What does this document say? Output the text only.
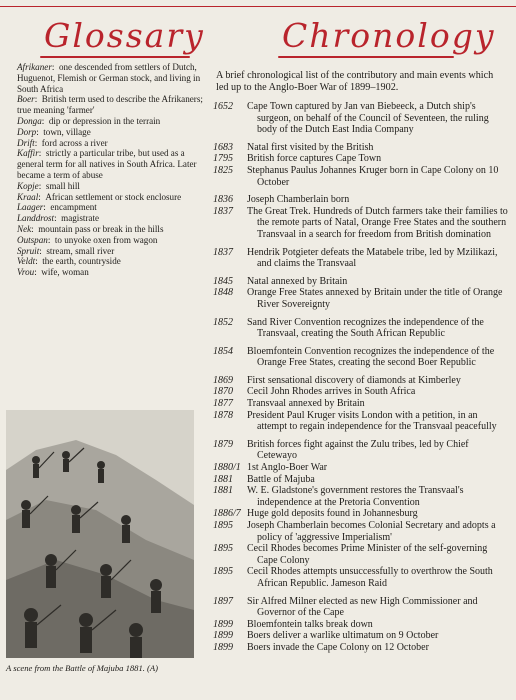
Glossary Chronology
Afrikaner:  one descended from settlers of Dutch, Huguenot, Flemish or German stock, and living in South Africa
Boer:  British term used to describe the Afrikaners; true meaning 'farmer'
Donga:  dip or depression in the terrain
Dorp:  town, village
Drift:  ford across a river
Kaffir:  strictly a particular tribe, but used as a general term for all natives in South Africa. Later became a term of abuse
Kopje:  small hill
Kraal:  African settlement or stock enclosure
Laager:  encampment
Landdrost:  magistrate
Nek:  mountain pass or break in the hills
Outspan:  to unyoke oxen from wagon
Spruit:  stream, small river
Veldt:  the earth, countryside
Vrou:  wife, woman
A scene from the Battle of Majuba 1881. (A)
A brief chronological list of the contributory and main events which led up to the Anglo-Boer War of 1899–1902.
1652	Cape Town captured by Jan van Biebeeck, a Dutch ship's surgeon, on behalf of the Council of Seventeen, the ruling body of the Dutch East India Company
1683	Natal first visited by the British
1795	British force captures Cape Town
1825	Stephanus Paulus Johannes Kruger born in Cape Colony on 10 October
1836	Joseph Chamberlain born
1837	The Great Trek. Hundreds of Dutch farmers take their families to the remote parts of Natal, Orange Free States and the southern Transvaal in a search for freedom from British domination
1837	Hendrik Potgieter defeats the Matabele tribe, led by Mzilikazi, and claims the Transvaal
1845	Natal annexed by Britain
1848	Orange Free States annexed by Britain under the title of Orange River Sovereignty
1852	Sand River Convention recognizes the independence of the Transvaal, creating the South African Republic
1854	Bloemfontein Convention recognizes the independence of the Orange Free States, creating the second Boer Republic
1869	First sensational discovery of diamonds at Kimberley
1870	Cecil John Rhodes arrives in South Africa
1877	Transvaal annexed by Britain
1878	President Paul Kruger visits London with a petition, in an attempt to regain independence for the Transvaal peacefully
1879	British forces fight against the Zulu tribes, led by Chief Cetewayo
1880/1 1st Anglo-Boer War
1881	Battle of Majuba
1881	W. E. Gladstone's government restores the Transvaal's independence at the Pretoria Convention
1886/7 Huge gold deposits found in Johannesburg
1895	Joseph Chamberlain becomes Colonial Secretary and adopts a policy of 'aggressive Imperialism'
1895	Cecil Rhodes becomes Prime Minister of the self-governing Cape Colony
1895	Cecil Rhodes attempts unsuccessfully to overthrow the South African Republic. Jameson Raid
1897	Sir Alfred Milner elected as new High Commissioner and Governor of the Cape
1899	Bloemfontein talks break down
1899	Boers deliver a warlike ultimatum on 9 October
1899	Boers invade the Cape Colony on 12 October
